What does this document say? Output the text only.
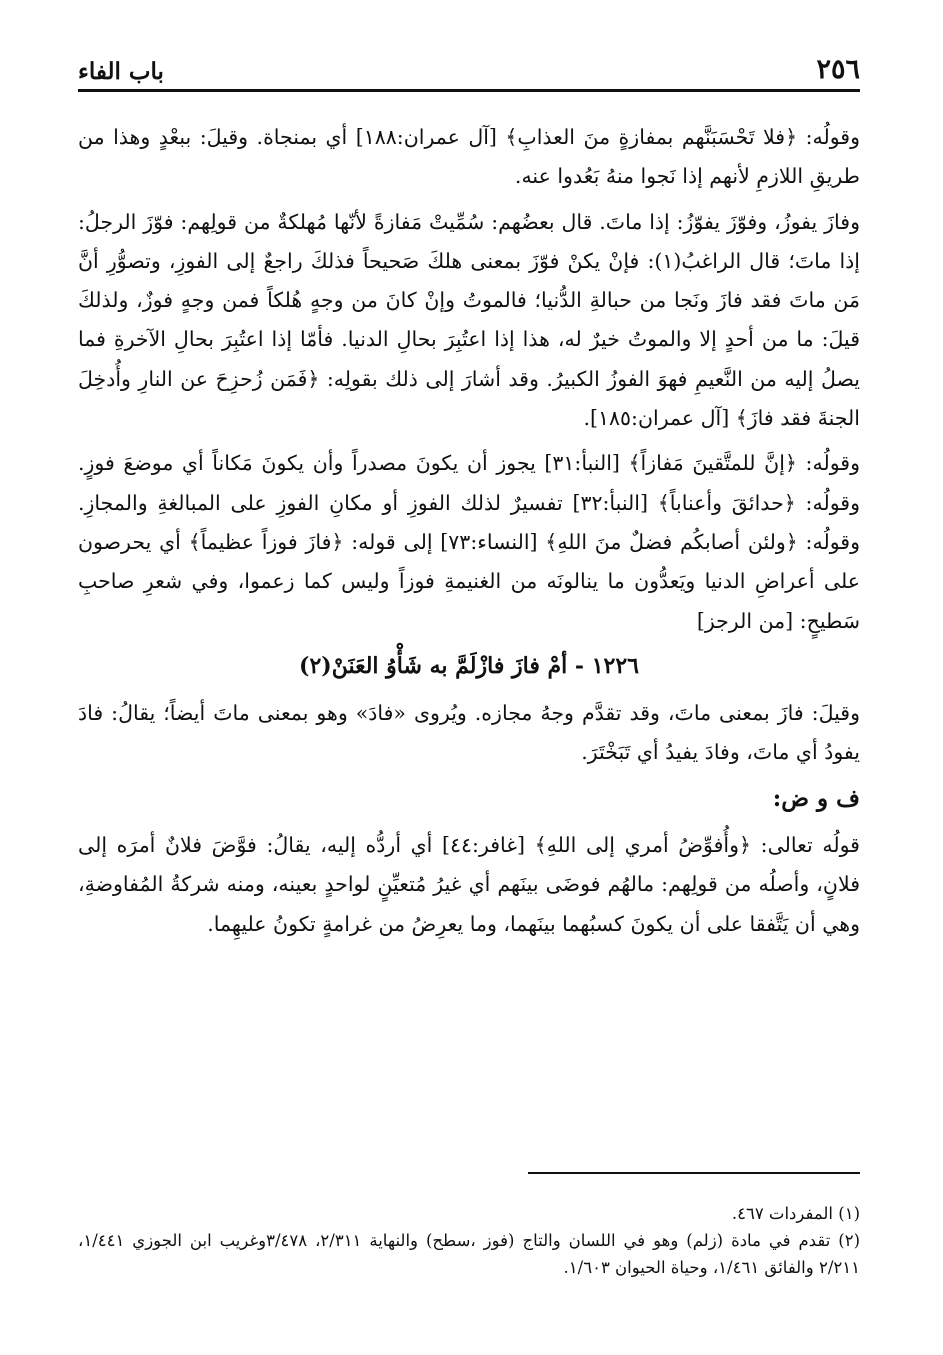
٢٥٦
باب الفاء

وقولُه: ﴿فلا تَحْسَبَنَّهم بمفازةٍ منَ العذابِ﴾ [آل عمران:١٨٨] أي بمنجاة. وقيلَ: ببعْدٍ وهذا من طريقِ اللازمِ لأنهم إذا نَجوا منهُ بَعُدوا عنه.

وفازَ يفوزُ، وفوّزَ يفوّزُ: إذا ماتَ. قال بعضُهم: سُمِّيتْ مَفازةً لأنّها مُهلكةٌ من قولِهم: فوّزَ الرجلُ: إذا ماتَ؛ قال الراغبُ(١): فإنْ يكنْ فوّزَ بمعنى هلكَ صَحيحاً فذلكَ راجعٌ إلى الفوزِ، وتصوُّرِ أنَّ مَن ماتَ فقد فازَ ونَجا من حبالةِ الدُّنيا؛ فالموتُ وإنْ كانَ من وجهٍ هُلكاً فمن وجهٍ فوزٌ، ولذلكَ قيلَ: ما من أحدٍ إلا والموتُ خيرٌ له، هذا إذا اعتُبِرَ بحالِ الدنيا. فأمّا إذا اعتُبِرَ بحالِ الآخرةِ فما يصلُ إليه من النَّعيمِ فهوَ الفوزُ الكبيرُ. وقد أشارَ إلى ذلك بقولِه: ﴿فَمَن زُحزِحَ عن النارِ وأُدخِلَ الجنةَ فقد فازَ﴾ [آل عمران:١٨٥].

وقولُه: ﴿إنَّ للمتَّقينَ مَفازاً﴾ [النبأ:٣١] يجوز أن يكونَ مصدراً وأن يكونَ مَكاناً أي موضعَ فوزٍ. وقولُه: ﴿حدائقَ وأعناباً﴾ [النبأ:٣٢] تفسيرٌ لذلك الفوزِ أو مكانِ الفوزِ على المبالغةِ والمجازِ. وقولُه: ﴿ولئن أصابكُم فضلٌ منَ اللهِ﴾ [النساء:٧٣] إلى قوله: ﴿فازَ فوزاً عظيماً﴾ أي يحرصون على أعراضِ الدنيا ويَعدُّون ما ينالونَه من الغنيمةِ فوزاً وليس كما زعموا، وفي شعرِ صاحبِ سَطيحٍ: [من الرجز]

١٢٢٦ - أمْ فازَ فازْلَمَّ به شَأْوُ العَنَنْ(٢)

وقيلَ: فازَ بمعنى ماتَ، وقد تقدَّم وجهُ مجازه. ويُروى «فادَ» وهو بمعنى ماتَ أيضاً؛ يقالُ: فادَ يفودُ أي ماتَ، وفادَ يفيدُ أي تَبَخْتَرَ.

ف و ض:

قولُه تعالى: ﴿وأُفوِّضُ أمري إلى اللهِ﴾ [غافر:٤٤] أي أردُّه إليه، يقالُ: فوَّضَ فلانٌ أمرَه إلى فلانٍ، وأصلُه من قولِهم: مالهُم فوضَى بينَهم أي غيرُ مُتعيِّنٍ لواحدٍ بعينه، ومنه شركةُ المُفاوضةِ، وهي أن يَتَّفقا على أن يكونَ كسبُهما بينَهما، وما يعرِضُ من غرامةٍ تكونُ عليهِما.

(١) المفردات ٤٦٧.

(٢) تقدم في مادة (زلم) وهو في اللسان والتاج (فوز ،سطح) والنهاية ٢/٣١١، ٣/٤٧٨وغريب ابن الجوزي ١/٤٤١، ٢/٢١١ والفائق ١/٤٦١، وحياة الحيوان ١/٦٠٣.
